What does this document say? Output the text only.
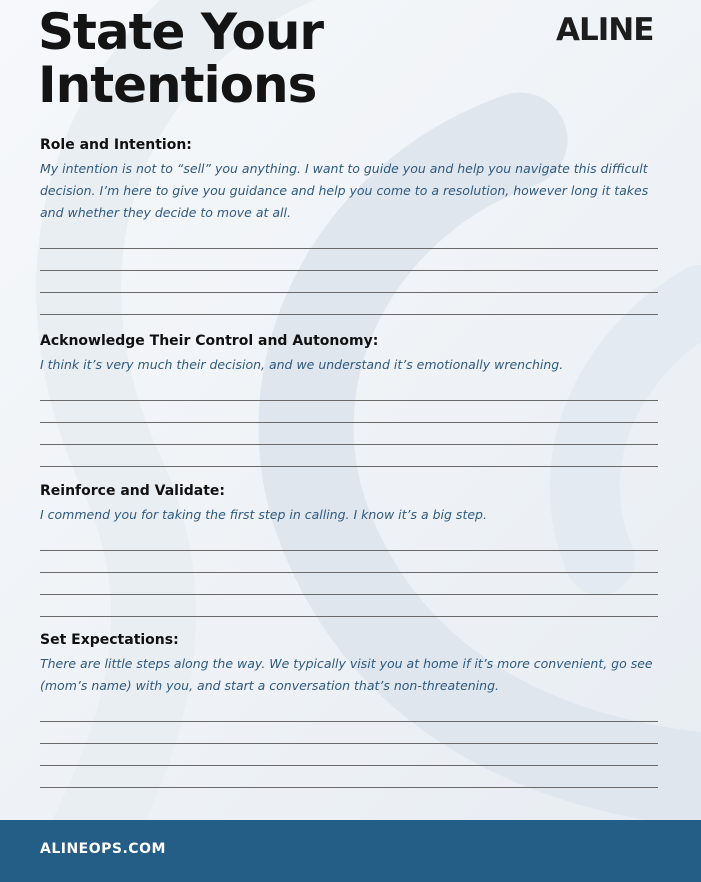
State Your
Intentions
ALINE
Role and Intention:

My intention is not to “sell” you anything. I want to guide you and help you navigate this difficult decision. I’m here to give you guidance and help you come to a resolution, however long it takes and whether they decide to move at all.

Acknowledge Their Control and Autonomy:

I think it’s very much their decision, and we understand it’s emotionally wrenching.

Reinforce and Validate:

I commend you for taking the first step in calling. I know it’s a big step.

Set Expectations:

There are little steps along the way. We typically visit you at home if it’s more convenient, go see (mom’s name) with you, and start a conversation that’s non-threatening.

ALINEOPS.COM
